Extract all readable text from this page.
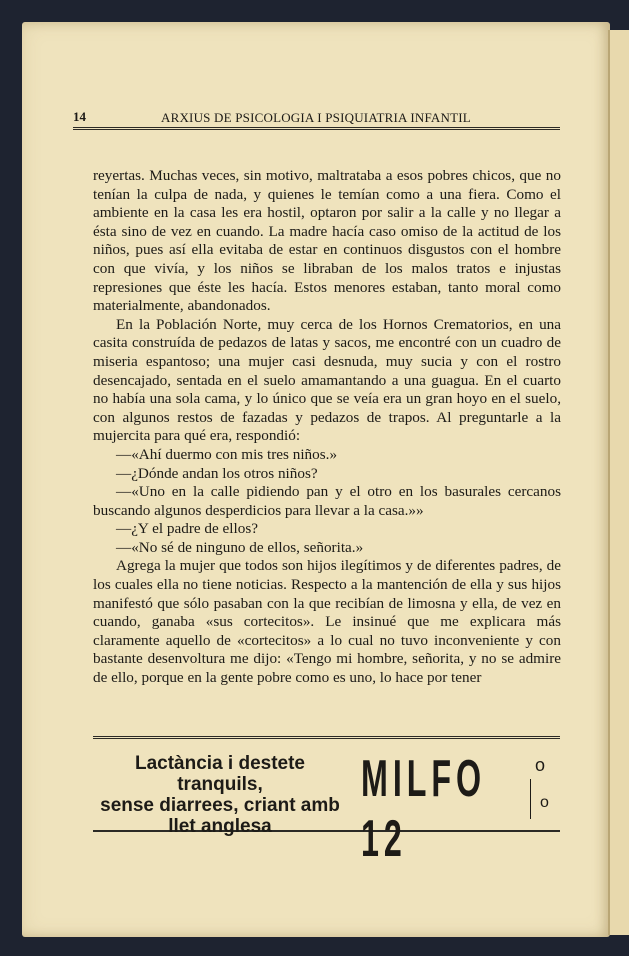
14	ARXIUS DE PSICOLOGIA I PSIQUIATRIA INFANTIL

reyertas. Muchas veces, sin motivo, maltrataba a esos pobres chicos, que no tenían la culpa de nada, y quienes le temían como a una fiera. Como el ambiente en la casa les era hostil, optaron por salir a la calle y no llegar a ésta sino de vez en cuando. La madre hacía caso omiso de la actitud de los niños, pues así ella evitaba de estar en continuos disgustos con el hombre con que vivía, y los niños se libraban de los malos tratos e injustas represiones que éste les hacía. Estos menores estaban, tanto moral como materialmente, abandonados.

En la Población Norte, muy cerca de los Hornos Crematorios, en una casita construída de pedazos de latas y sacos, me encontré con un cuadro de miseria espantoso; una mujer casi desnuda, muy sucia y con el rostro desencajado, sentada en el suelo amamantando a una guagua. En el cuarto no había una sola cama, y lo único que se veía era un gran hoyo en el suelo, con algunos restos de fazadas y pedazos de trapos. Al preguntarle a la mujercita para qué era, respondió:

—«Ahí duermo con mis tres niños.»

—¿Dónde andan los otros niños?

—«Uno en la calle pidiendo pan y el otro en los basurales cercanos buscando algunos desperdicios para llevar a la casa.»»

—¿Y el padre de ellos?

—«No sé de ninguno de ellos, señorita.»

Agrega la mujer que todos son hijos ilegítimos y de diferentes padres, de los cuales ella no tiene noticias. Respecto a la mantención de ella y sus hijos manifestó que sólo pasaban con la que recibían de limosna y ella, de vez en cuando, ganaba «sus cortecitos». Le insinué que me explicara más claramente aquello de «cortecitos» a lo cual no tuvo inconveniente y con bastante desenvoltura me dijo: «Tengo mi hombre, señorita, y no se admire de ello, porque en la gente pobre como es uno, lo hace por tener

Lactància i destete tranquils,
sense diarrees, criant amb
llet anglesa
MILFO 12
o
o
